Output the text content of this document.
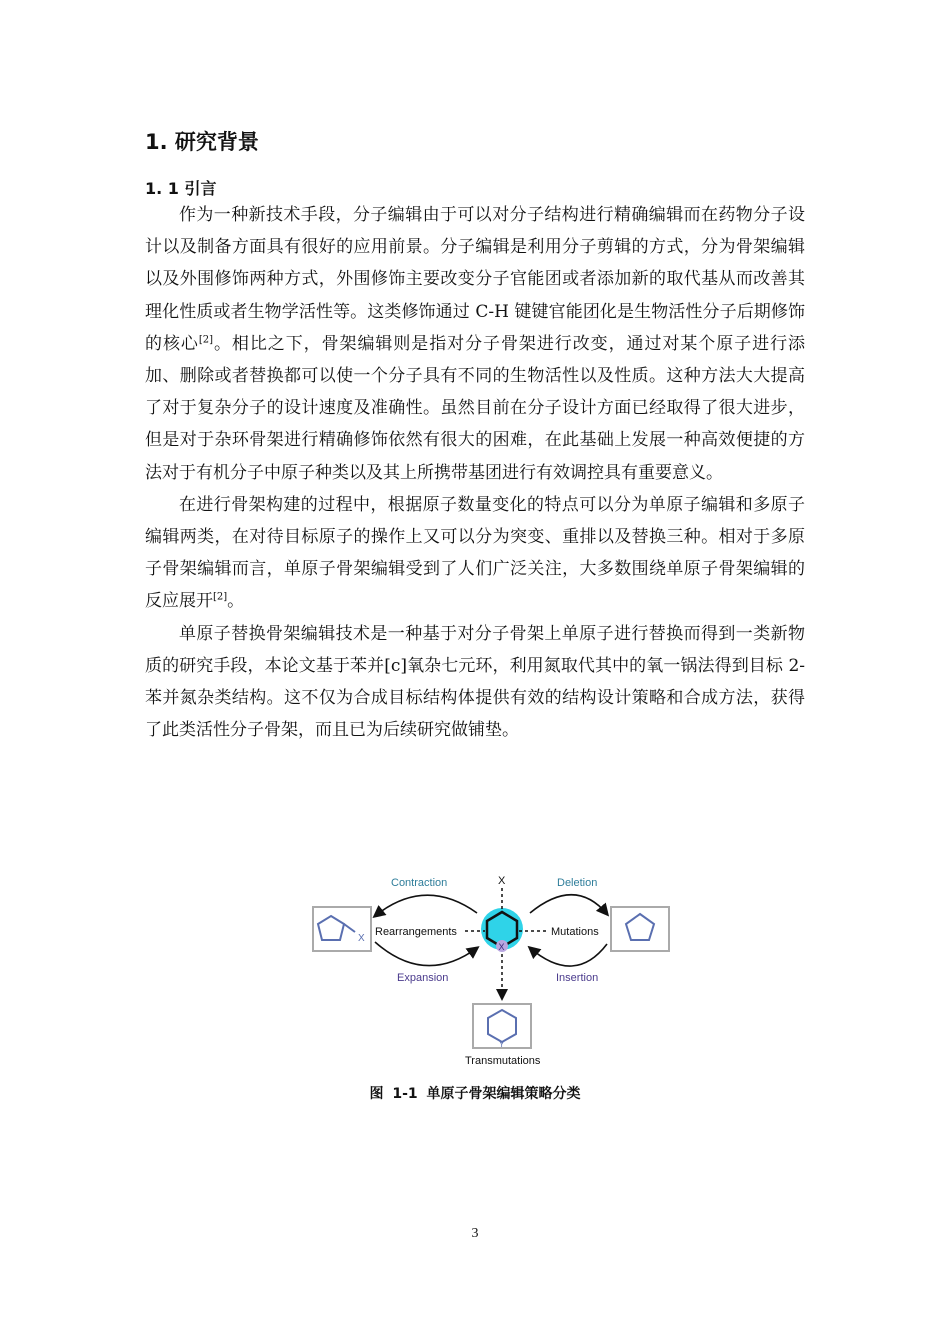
1. 研究背景
1. 1 引言

作为一种新技术手段，分子编辑由于可以对分子结构进行精确编辑而在药物分子设计以及制备方面具有很好的应用前景。分子编辑是利用分子剪辑的方式，分为骨架编辑以及外围修饰两种方式，外围修饰主要改变分子官能团或者添加新的取代基从而改善其理化性质或者生物学活性等。这类修饰通过 C-H 键键官能团化是生物活性分子后期修饰的核心[2]。相比之下，骨架编辑则是指对分子骨架进行改变，通过对某个原子进行添加、删除或者替换都可以使一个分子具有不同的生物活性以及性质。这种方法大大提高了对于复杂分子的设计速度及准确性。虽然目前在分子设计方面已经取得了很大进步，但是对于杂环骨架进行精确修饰依然有很大的困难，在此基础上发展一种高效便捷的方法对于有机分子中原子种类以及其上所携带基团进行有效调控具有重要意义。

在进行骨架构建的过程中，根据原子数量变化的特点可以分为单原子编辑和多原子编辑两类，在对待目标原子的操作上又可以分为突变、重排以及替换三种。相对于多原子骨架编辑而言，单原子骨架编辑受到了人们广泛关注，大多数围绕单原子骨架编辑的反应展开[2]。

单原子替换骨架编辑技术是一种基于对分子骨架上单原子进行替换而得到一类新物质的研究手段，本论文基于苯并[c]氧杂七元环，利用氮取代其中的氧一锅法得到目标 2-苯并氮杂类结构。这不仅为合成目标结构体提供有效的结构设计策略和合成方法，获得了此类活性分子骨架，而且已为后续研究做铺垫。

X
Y
X
X
Contraction	Deletion
Rearrangements	Mutations
Expansion	Insertion
Transmutations
图 1-1 单原子骨架编辑策略分类
3
